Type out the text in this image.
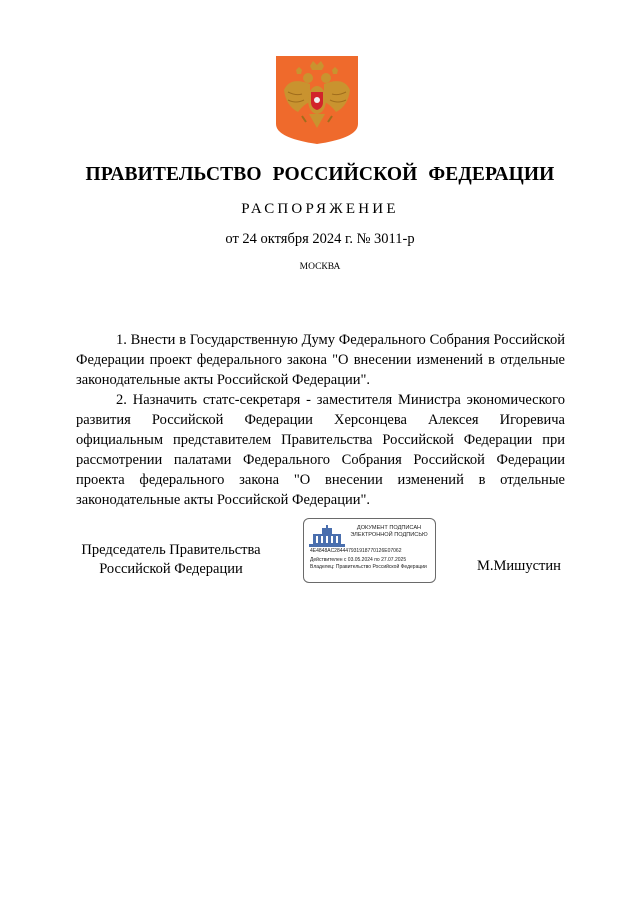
ПРАВИТЕЛЬСТВО РОССИЙСКОЙ ФЕДЕРАЦИИ
РАСПОРЯЖЕНИЕ
от 24 октября 2024 г. № 3011-р
МОСКВА

1. Внести в Государственную Думу Федерального Собрания Российской Федерации проект федерального закона "О внесении изменений в отдельные законодательные акты Российской Федерации".

2. Назначить статс-секретаря - заместителя Министра экономического развития Российской Федерации Херсонцева Алексея Игоревича официальным представителем Правительства Российской Федерации при рассмотрении палатами Федерального Собрания Российской Федерации проекта федерального закона "О внесении изменений в отдельные законодательные акты Российской Федерации".

Председатель Правительства
Российской Федерации
ДОКУМЕНТ ПОДПИСАН
ЭЛЕКТРОННОЙ ПОДПИСЬЮ
4E4848AC284447931918770126E07062
Действителен с 03.05.2024 по 27.07.2025
Владелец: Правительство Российской Федерации	М.Мишустин
